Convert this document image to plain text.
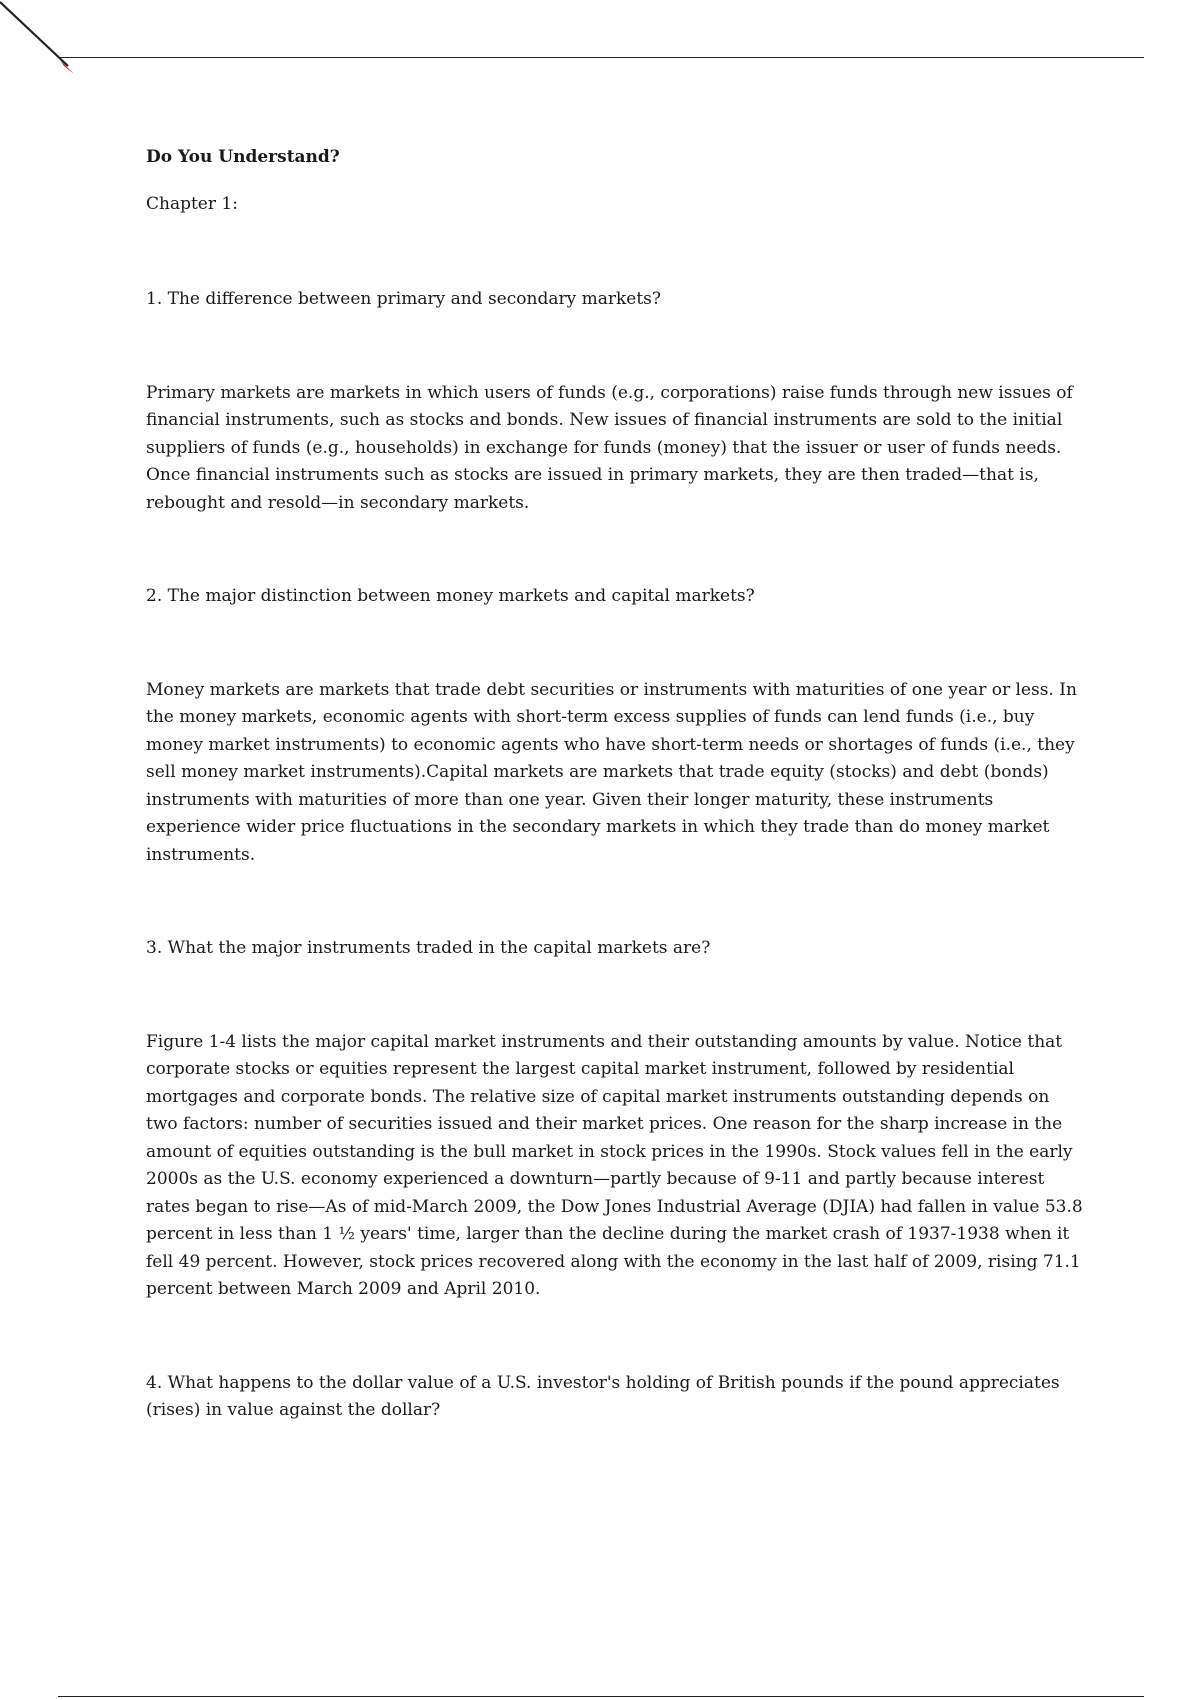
Do You Understand?

Chapter 1:

1. The difference between primary and secondary markets?

Primary markets are markets in which users of funds (e.g., corporations) raise funds through new issues of financial instruments, such as stocks and bonds. New issues of financial instruments are sold to the initial suppliers of funds (e.g., households) in exchange for funds (money) that the issuer or user of funds needs. Once financial instruments such as stocks are issued in primary markets, they are then traded—that is, rebought and resold—in secondary markets.

2. The major distinction between money markets and capital markets?

Money markets are markets that trade debt securities or instruments with maturities of one year or less. In the money markets, economic agents with short-term excess supplies of funds can lend funds (i.e., buy money market instruments) to economic agents who have short-term needs or shortages of funds (i.e., they sell money market instruments).Capital markets are markets that trade equity (stocks) and debt (bonds) instruments with maturities of more than one year. Given their longer maturity, these instruments experience wider price fluctuations in the secondary markets in which they trade than do money market instruments.

3. What the major instruments traded in the capital markets are?

Figure 1-4 lists the major capital market instruments and their outstanding amounts by value. Notice that corporate stocks or equities represent the largest capital market instrument, followed by residential mortgages and corporate bonds. The relative size of capital market instruments outstanding depends on two factors: number of securities issued and their market prices. One reason for the sharp increase in the amount of equities outstanding is the bull market in stock prices in the 1990s. Stock values fell in the early 2000s as the U.S. economy experienced a downturn—partly because of 9-11 and partly because interest rates began to rise—As of mid-March 2009, the Dow Jones Industrial Average (DJIA) had fallen in value 53.8 percent in less than 1 ½ years' time, larger than the decline during the market crash of 1937-1938 when it fell 49 percent. However, stock prices recovered along with the economy in the last half of 2009, rising 71.1 percent between March 2009 and April 2010.

4. What happens to the dollar value of a U.S. investor's holding of British pounds if the pound appreciates (rises) in value against the dollar?
